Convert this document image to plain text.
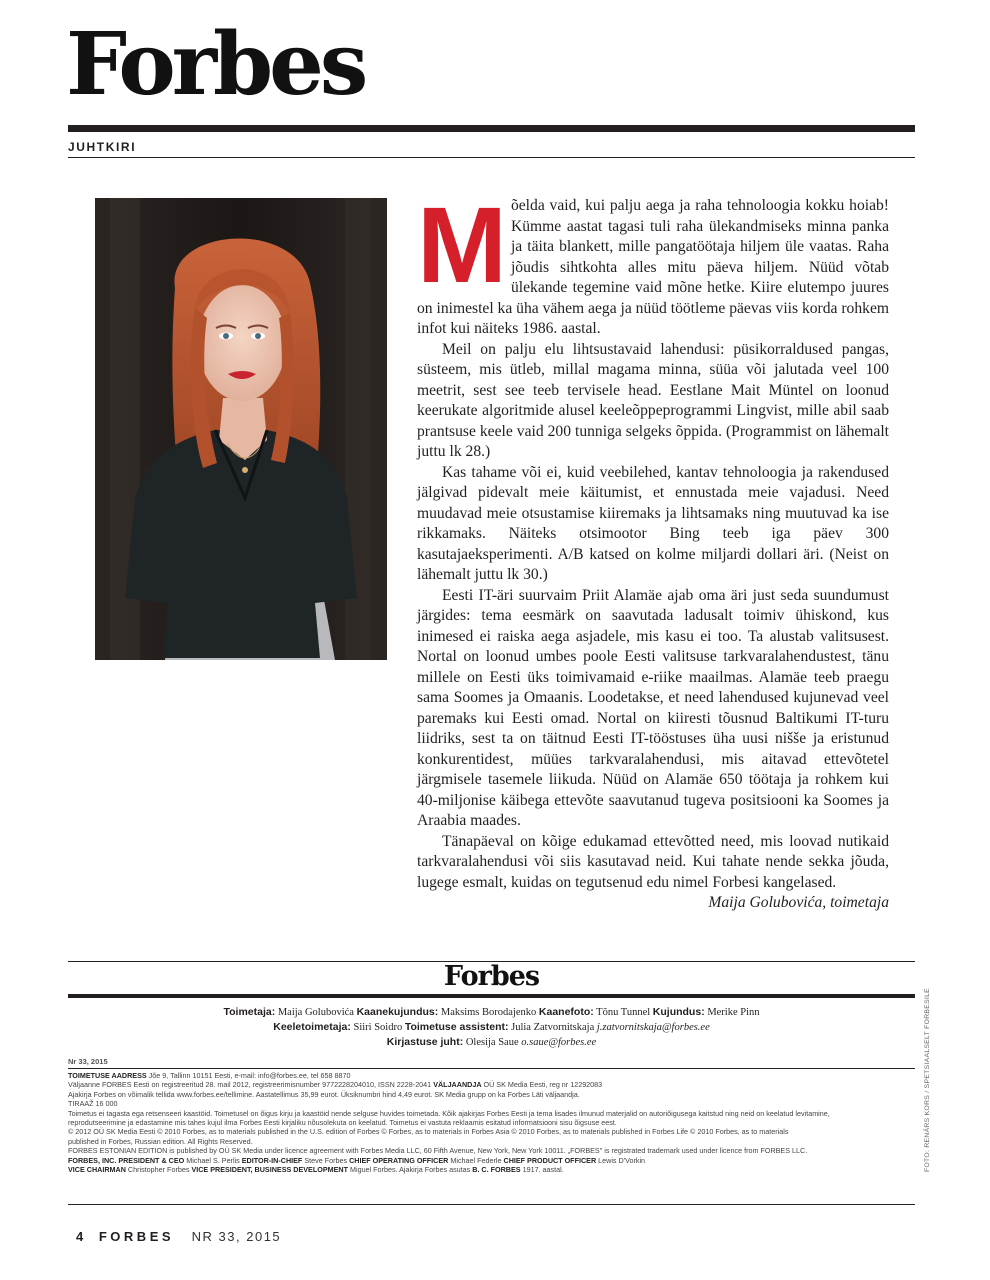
Forbes
JUHTKIRI

Mõelda vaid, kui palju aega ja raha tehnoloogia kokku hoiab! Kümme aastat tagasi tuli raha ülekandmiseks minna panka ja täita blankett, mille pangatöötaja hiljem üle vaatas. Raha jõudis sihtkohta alles mitu päeva hiljem. Nüüd võtab ülekande tegemine vaid mõne hetke. Kiire elutempo juures on inimestel ka üha vähem aega ja nüüd töötleme päevas viis korda rohkem infot kui näiteks 1986. aastal.

Meil on palju elu lihtsustavaid lahendusi: püsikorraldused pangas, süsteem, mis ütleb, millal magama minna, süüa või jalutada veel 100 meetrit, sest see teeb tervisele head. Eestlane Mait Müntel on loonud keerukate algoritmide alusel keeleõppeprogrammi Lingvist, mille abil saab prantsuse keele vaid 200 tunniga selgeks õppida. (Programmist on lähemalt juttu lk 28.)

Kas tahame või ei, kuid veebilehed, kantav tehnoloogia ja rakendused jälgivad pidevalt meie käitumist, et ennustada meie vajadusi. Need muudavad meie otsustamise kiiremaks ja lihtsamaks ning muutuvad ka ise rikkamaks. Näiteks otsimootor Bing teeb iga päev 300 kasutajaeksperimenti. A/B katsed on kolme miljardi dollari äri. (Neist on lähemalt juttu lk 30.)

Eesti IT-äri suurvaim Priit Alamäe ajab oma äri just seda suundumust järgides: tema eesmärk on saavutada ladusalt toimiv ühiskond, kus inimesed ei raiska aega asjadele, mis kasu ei too. Ta alustab valitsusest. Nortal on loonud umbes poole Eesti valitsuse tarkvaralahendustest, tänu millele on Eesti üks toimivamaid e-riike maailmas. Alamäe teeb praegu sama Soomes ja Omaanis. Loodetakse, et need lahendused kujunevad veel paremaks kui Eesti omad. Nortal on kiiresti tõusnud Baltikumi IT-turu liidriks, sest ta on täitnud Eesti IT-tööstuses üha uusi nišše ja eristunud konkurentidest, müües tarkvaralahendusi, mis aitavad ettevõtetel järgmisele tasemele liikuda. Nüüd on Alamäe 650 töötaja ja rohkem kui 40-miljonise käibega ettevõte saavutanud tugeva positsiooni ka Soomes ja Araabia maades.

Tänapäeval on kõige edukamad ettevõtted need, mis loovad nutikaid tarkvaralahendusi või siis kasutavad neid. Kui tahate nende sekka jõuda, lugege esmalt, kuidas on tegutsenud edu nimel Forbesi kangelased.

Maija Golubovića, toimetaja
Forbes
Toimetaja: Maija Golubovića Kaanekujundus: Maksims Borodajenko Kaanefoto: Tõnu Tunnel Kujundus: Merike Pinn
Keeletoimetaja: Siiri Soidro Toimetuse assistent: Julia Zatvornitskaja j.zatvornitskaja@forbes.ee
Kirjastuse juht: Olesija Saue o.saue@forbes.ee
Nr 33, 2015
TOIMETUSE AADRESS Jõe 9, Tallinn 10151 Eesti, e-mail: info@forbes.ee, tel 658 8870
Väljaanne FORBES Eesti on registreeritud 28. mail 2012, registreerimisnumber 9772228204010, ISSN 2228-2041 VÄLJAANDJA OÜ SK Media Eesti, reg nr 12292083
Ajakirja Forbes on võimalik tellida www.forbes.ee/tellimine. Aastatellimus 35,99 eurot. Üksiknumbri hind 4,49 eurot. SK Media grupp on ka Forbes Läti väljaandja.
TIRAAŽ 16 000
Toimetus ei tagasta ega retsenseeri kaastöid. Toimetusel on õigus kirju ja kaastöid nende selguse huvides toimetada. Kõik ajakirjas Forbes Eesti ja tema lisades ilmunud materjalid on autoriõigusega kaitstud ning neid on keelatud levitamine,
reprodutseerimine ja edastamine mis tahes kujul ilma Forbes Eesti kirjaliku nõusolekuta on keelatud. Toimetus ei vastuta reklaamis esitatud informatsiooni sisu õigsuse eest.
© 2012 OÜ SK Media Eesti © 2010 Forbes, as to materials published in the U.S. edition of Forbes © Forbes, as to materials in Forbes Asia © 2010 Forbes, as to materials published in Forbes Life © 2010 Forbes, as to materials
published in Forbes, Russian edition. All Rights Reserved.
FORBES ESTONIAN EDITION is published by OÜ SK Media under licence agreement with Forbes Media LLC, 60 Fifth Avenue, New York, New York 10011. „FORBES" is registrated trademark used under licence from FORBES LLC.
FORBES, INC. PRESIDENT & CEO Michael S. Perlis EDITOR-IN-CHIEF Steve Forbes CHIEF OPERATING OFFICER Michael Federle CHIEF PRODUCT OFFICER Lewis D'Vorkin
VICE CHAIRMAN Christopher Forbes VICE PRESIDENT, BUSINESS DEVELOPMENT Miguel Forbes. Ajakirja Forbes asutas B. C. FORBES 1917. aastal.	FOTO: RENÄRS KORS / SPETSIAALSELT FORBESILE
4 FORBES NR 33, 2015
